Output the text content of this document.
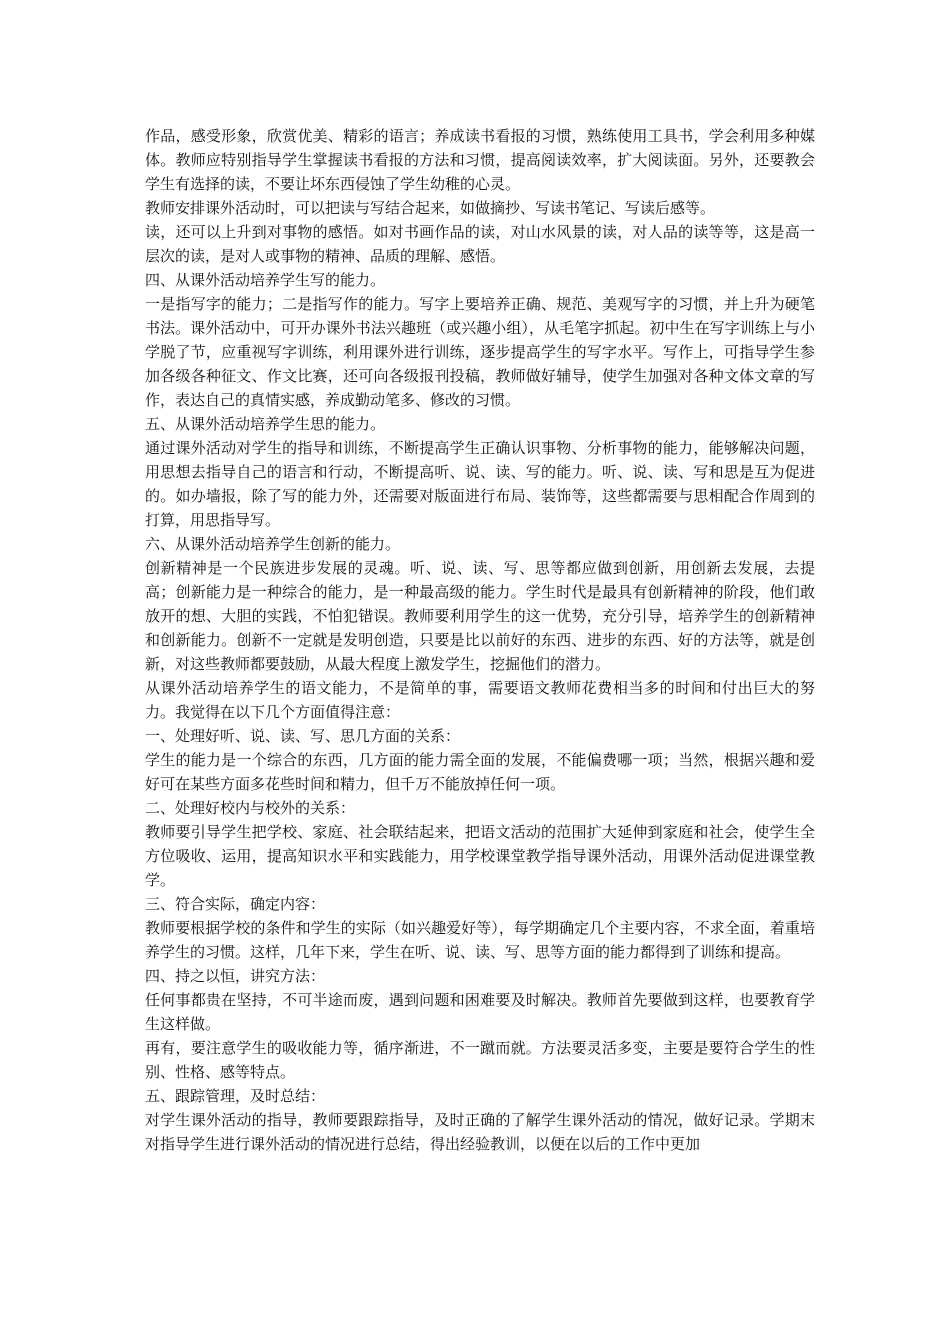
作品，感受形象，欣赏优美、精彩的语言；养成读书看报的习惯，熟练使用工具书，学会利用多种媒体。教师应特别指导学生掌握读书看报的方法和习惯，提高阅读效率，扩大阅读面。另外，还要教会学生有选择的读，不要让坏东西侵蚀了学生幼稚的心灵。

教师安排课外活动时，可以把读与写结合起来，如做摘抄、写读书笔记、写读后感等。

读，还可以上升到对事物的感悟。如对书画作品的读，对山水风景的读，对人品的读等等，这是高一层次的读，是对人或事物的精神、品质的理解、感悟。

四、从课外活动培养学生写的能力。

一是指写字的能力；二是指写作的能力。写字上要培养正确、规范、美观写字的习惯，并上升为硬笔书法。课外活动中，可开办课外书法兴趣班（或兴趣小组），从毛笔字抓起。初中生在写字训练上与小学脱了节，应重视写字训练，利用课外进行训练，逐步提高学生的写字水平。写作上，可指导学生参加各级各种征文、作文比赛，还可向各级报刊投稿，教师做好辅导，使学生加强对各种文体文章的写作，表达自己的真情实感，养成勤动笔多、修改的习惯。

五、从课外活动培养学生思的能力。

通过课外活动对学生的指导和训练，不断提高学生正确认识事物、分析事物的能力，能够解决问题，用思想去指导自己的语言和行动，不断提高听、说、读、写的能力。听、说、读、写和思是互为促进的。如办墙报，除了写的能力外，还需要对版面进行布局、装饰等，这些都需要与思相配合作周到的打算，用思指导写。

六、从课外活动培养学生创新的能力。

创新精神是一个民族进步发展的灵魂。听、说、读、写、思等都应做到创新，用创新去发展，去提高；创新能力是一种综合的能力，是一种最高级的能力。学生时代是最具有创新精神的阶段，他们敢放开的想、大胆的实践，不怕犯错误。教师要利用学生的这一优势，充分引导，培养学生的创新精神和创新能力。创新不一定就是发明创造，只要是比以前好的东西、进步的东西、好的方法等，就是创新，对这些教师都要鼓励，从最大程度上激发学生，挖掘他们的潜力。

从课外活动培养学生的语文能力，不是简单的事，需要语文教师花费相当多的时间和付出巨大的努力。我觉得在以下几个方面值得注意：

一、处理好听、说、读、写、思几方面的关系：

学生的能力是一个综合的东西，几方面的能力需全面的发展，不能偏费哪一项；当然，根据兴趣和爱好可在某些方面多花些时间和精力，但千万不能放掉任何一项。

二、处理好校内与校外的关系：

教师要引导学生把学校、家庭、社会联结起来，把语文活动的范围扩大延伸到家庭和社会，使学生全方位吸收、运用，提高知识水平和实践能力，用学校课堂教学指导课外活动，用课外活动促进课堂教学。

三、符合实际，确定内容：

教师要根据学校的条件和学生的实际（如兴趣爱好等），每学期确定几个主要内容，不求全面，着重培养学生的习惯。这样，几年下来，学生在听、说、读、写、思等方面的能力都得到了训练和提高。

四、持之以恒，讲究方法：

任何事都贵在坚持，不可半途而废，遇到问题和困难要及时解决。教师首先要做到这样，也要教育学生这样做。

再有，要注意学生的吸收能力等，循序渐进，不一蹴而就。方法要灵活多变，主要是要符合学生的性别、性格、感等特点。

五、跟踪管理，及时总结：

对学生课外活动的指导，教师要跟踪指导，及时正确的了解学生课外活动的情况，做好记录。学期末对指导学生进行课外活动的情况进行总结，得出经验教训，以便在以后的工作中更加
